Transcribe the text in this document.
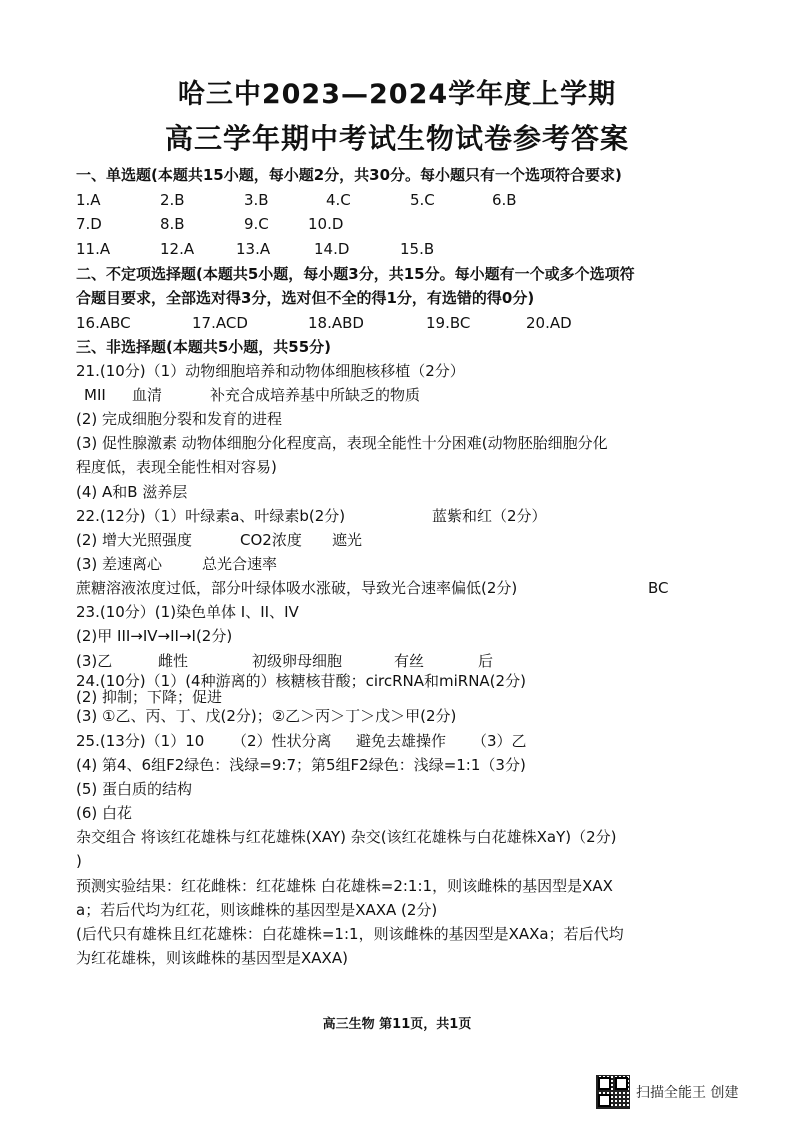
哈三中2023—2024学年度上学期
高三学年期中考试生物试卷参考答案
一、单选题(本题共15小题，每小题2分，共30分。每小题只有一个选项符合要求)
1.A	2.B	3.B	4.C	5.C	6.B
7.D	8.B	9.C	10.D
11.A	12.A	13.A	14.D	15.B
二、不定项选择题(本题共5小题，每小题3分，共15分。每小题有一个或多个选项符
合题目要求，全部选对得3分，选对但不全的得1分，有选错的得0分)
16.ABC	17.ACD	18.ABD	19.BC	20.AD
三、非选择题(本题共5小题，共55分)
21.(10分)（1）动物细胞培养和动物体细胞核移植（2分）
MII 血清	补充合成培养基中所缺乏的物质
(2) 完成细胞分裂和发育的进程
(3) 促性腺激素 动物体细胞分化程度高，表现全能性十分困难(动物胚胎细胞分化
程度低，表现全能性相对容易)
(4) A和B 滋养层
22.(12分)（1）叶绿素a、叶绿素b(2分)	蓝紫和红（2分）
(2) 增大光照强度	CO2浓度 遮光
(3) 差速离心	总光合速率
蔗糖溶液浓度过低，部分叶绿体吸水涨破，导致光合速率偏低(2分)	BC
23.(10分）(1)染色单体 I、II、IV
(2)甲 III→IV→II→I(2分)
(3)乙	雌性	初级卵母细胞	有丝	后
24.(10分)（1）(4种游离的）核糖核苷酸；circRNA和miRNA(2分)
(2) 抑制；下降；促进
(3) ①乙、丙、丁、戊(2分)；②乙＞丙＞丁＞戊＞甲(2分)
25.(13分)（1）10 （2）性状分离 避免去雄操作 （3）乙
(4) 第4、6组F2绿色：浅绿=9:7；第5组F2绿色：浅绿=1:1（3分)
(5) 蛋白质的结构
(6) 白花
杂交组合 将该红花雄株与红花雄株(XAY) 杂交(该红花雄株与白花雄株XaY)（2分)
)
预测实验结果：红花雌株：红花雄株 白花雄株=2:1:1，则该雌株的基因型是XAX
a；若后代均为红花，则该雌株的基因型是XAXA (2分)
(后代只有雄株且红花雄株：白花雄株=1:1，则该雌株的基因型是XAXa；若后代均
为红花雄株，则该雌株的基因型是XAXA)
高三生物 第11页，共1页
扫描全能王 创建
